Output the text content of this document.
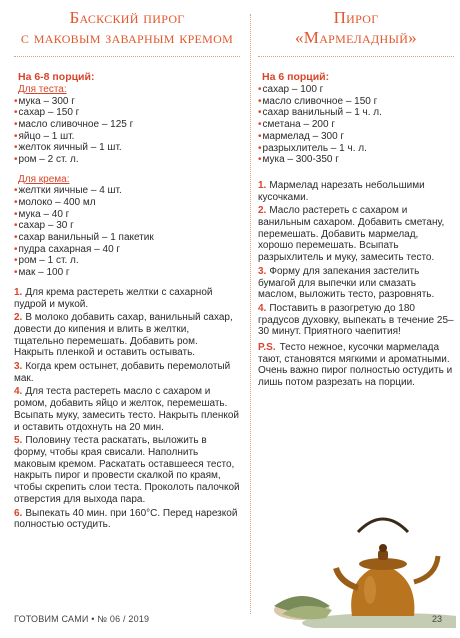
Баскский пирог
с маковым заварным кремом
На 6-8 порций:
Для теста:
• мука – 300 г
• сахар – 150 г
• масло сливочное – 125 г
• яйцо – 1 шт.
• желток яичный – 1 шт.
• ром – 2 ст. л.
Для крема:
• желтки яичные – 4 шт.
• молоко – 400 мл
• мука – 40 г
• сахар – 30 г
• сахар ванильный – 1 пакетик
• пудра сахарная – 40 г
• ром – 1 ст. л.
• мак – 100 г
1. Для крема растереть желтки с сахарной пудрой и мукой.
2. В молоко добавить сахар, ванильный сахар, довести до кипения и влить в желтки, тщательно перемешать. Добавить ром. Накрыть пленкой и оставить остывать.
3. Когда крем остынет, добавить перемолотый мак.
4. Для теста растереть масло с сахаром и ромом, добавить яйцо и желток, перемешать. Всыпать муку, замесить тесто. Накрыть пленкой и оставить отдохнуть на 20 мин.
5. Половину теста раскатать, выложить в форму, чтобы края свисали. Наполнить маковым кремом. Раскатать оставшееся тесто, накрыть пирог и провести скалкой по краям, чтобы скрепить слои теста. Проколоть палочкой отверстия для выхода пара.
6. Выпекать 40 мин. при 160°С. Перед нарезкой полностью остудить.
Пирог
«Мармеладный»
На 6 порций:
• сахар – 100 г
• масло сливочное – 150 г
• сахар ванильный – 1 ч. л.
• сметана – 200 г
• мармелад – 300 г
• разрыхлитель – 1 ч. л.
• мука – 300-350 г
1. Мармелад нарезать небольшими кусочками.
2. Масло растереть с сахаром и ванильным сахаром. Добавить сметану, перемешать. Добавить мармелад, хорошо перемешать. Всыпать разрыхлитель и муку, замесить тесто.
3. Форму для запекания застелить бумагой для выпечки или смазать маслом, выложить тесто, разровнять.
4. Поставить в разогретую до 180 градусов духовку, выпекать в течение 25–30 минут. Приятного чаепития!
P.S. Тесто нежное, кусочки мармелада тают, становятся мягкими и ароматными. Очень важно пирог полностью остудить и лишь потом разрезать на порции.
ГОТОВИМ САМИ • № 06 / 2019	23
